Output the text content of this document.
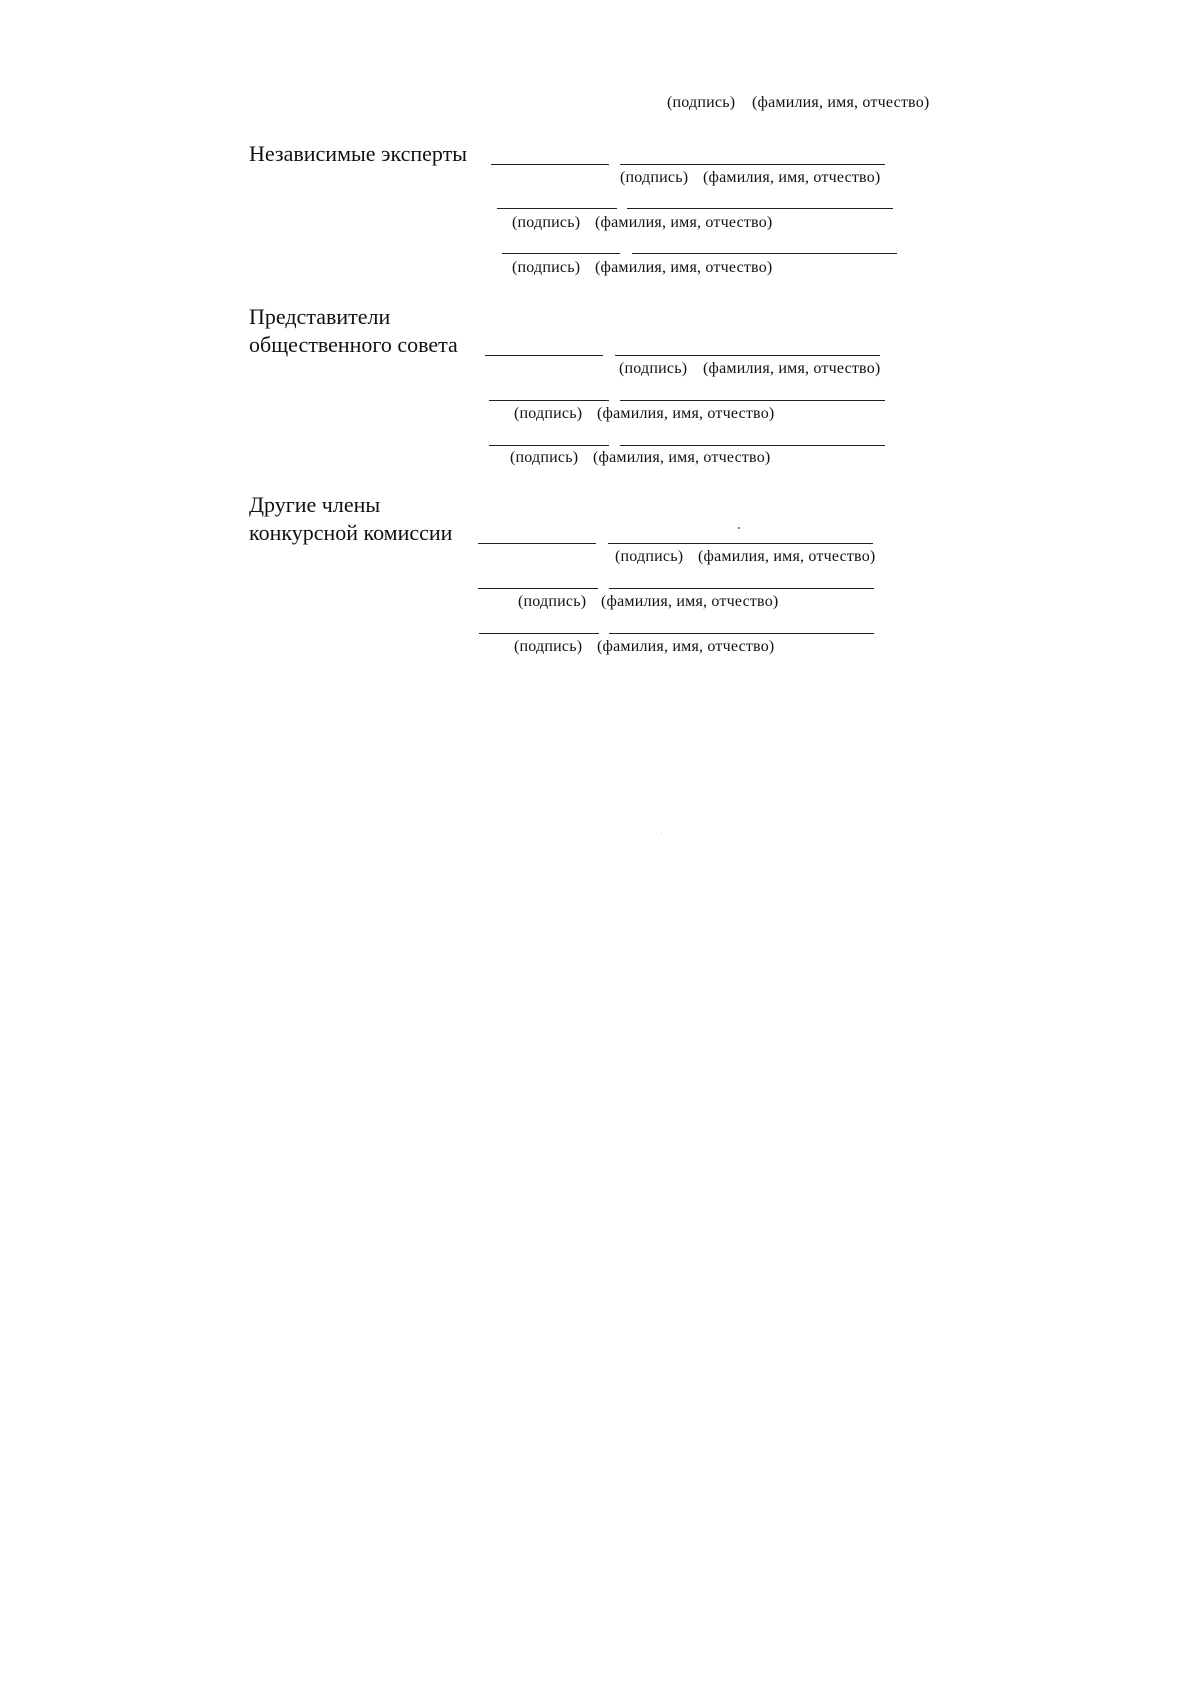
(подпись) (фамилия, имя, отчество)
Независимые эксперты
(подпись) (фамилия, имя, отчество)
(подпись) (фамилия, имя, отчество)
(подпись) (фамилия, имя, отчество)
Представители
общественного совета
(подпись) (фамилия, имя, отчество)
(подпись) (фамилия, имя, отчество)
(подпись) (фамилия, имя, отчество)
Другие члены
конкурсной комиссии
(подпись) (фамилия, имя, отчество)
(подпись) (фамилия, имя, отчество)
(подпись) (фамилия, имя, отчество)
